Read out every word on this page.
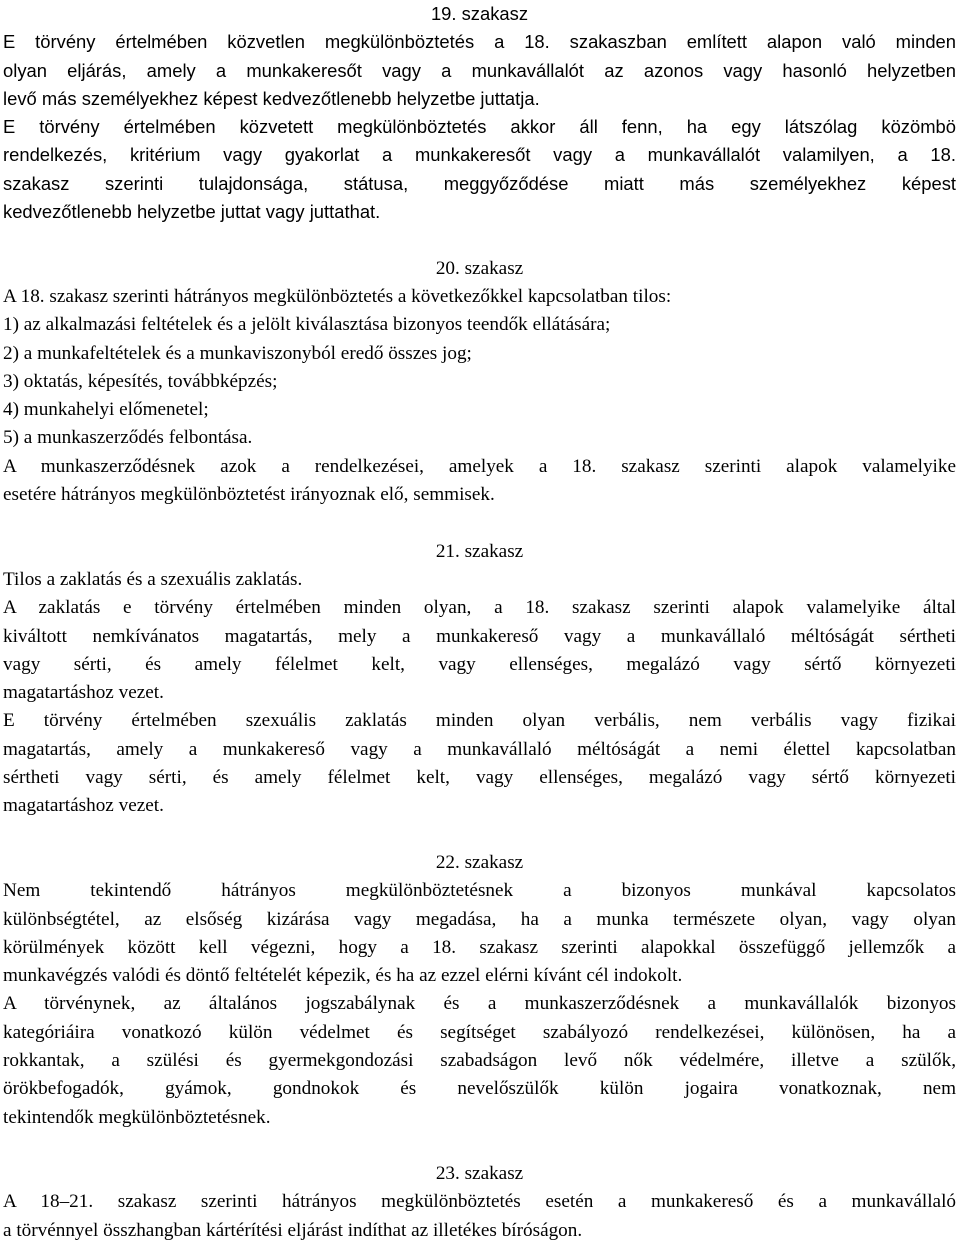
19. szakasz
E törvény értelmében közvetlen megkülönböztetés a 18. szakaszban említett alapon való minden
olyan eljárás, amely a munkakeresőt vagy a munkavállalót az azonos vagy hasonló helyzetben
levő más személyekhez képest kedvezőtlenebb helyzetbe juttatja.
E törvény értelmében közvetett megkülönböztetés akkor áll fenn, ha egy látszólag közömbö
rendelkezés, kritérium vagy gyakorlat a munkakeresőt vagy a munkavállalót valamilyen, a 18.
szakasz szerinti tulajdonsága, státusa, meggyőződése miatt más személyekhez képest
kedvezőtlenebb helyzetbe juttat vagy juttathat.
20. szakasz
A 18. szakasz szerinti hátrányos megkülönböztetés a következőkkel kapcsolatban tilos:
1) az alkalmazási feltételek és a jelölt kiválasztása bizonyos teendők ellátására;
2) a munkafeltételek és a munkaviszonyból eredő összes jog;
3) oktatás, képesítés, továbbképzés;
4) munkahelyi előmenetel;
5) a munkaszerződés felbontása.
A munkaszerződésnek azok a rendelkezései, amelyek a 18. szakasz szerinti alapok valamelyike
esetére hátrányos megkülönböztetést irányoznak elő, semmisek.
21. szakasz
Tilos a zaklatás és a szexuális zaklatás.
A zaklatás e törvény értelmében minden olyan, a 18. szakasz szerinti alapok valamelyike által
kiváltott nemkívánatos magatartás, mely a munkakereső vagy a munkavállaló méltóságát sértheti
vagy sérti, és amely félelmet kelt, vagy ellenséges, megalázó vagy sértő környezeti
magatartáshoz vezet.
E törvény értelmében szexuális zaklatás minden olyan verbális, nem verbális vagy fizikai
magatartás, amely a munkakereső vagy a munkavállaló méltóságát a nemi élettel kapcsolatban
sértheti vagy sérti, és amely félelmet kelt, vagy ellenséges, megalázó vagy sértő környezeti
magatartáshoz vezet.
22. szakasz
Nem tekintendő hátrányos megkülönböztetésnek a bizonyos munkával kapcsolatos
különbségtétel, az elsőség kizárása vagy megadása, ha a munka természete olyan, vagy olyan
körülmények között kell végezni, hogy a 18. szakasz szerinti alapokkal összefüggő jellemzők a
munkavégzés valódi és döntő feltételét képezik, és ha az ezzel elérni kívánt cél indokolt.
A törvénynek, az általános jogszabálynak és a munkaszerződésnek a munkavállalók bizonyos
kategóriáira vonatkozó külön védelmet és segítséget szabályozó rendelkezései, különösen, ha a
rokkantak, a szülési és gyermekgondozási szabadságon levő nők védelmére, illetve a szülők,
örökbefogadók, gyámok, gondnokok és nevelőszülők külön jogaira vonatkoznak, nem
tekintendők megkülönböztetésnek.
23. szakasz
A 18–21. szakasz szerinti hátrányos megkülönböztetés esetén a munkakereső és a munkavállaló
a törvénnyel összhangban kártérítési eljárást indíthat az illetékes bíróságon.
